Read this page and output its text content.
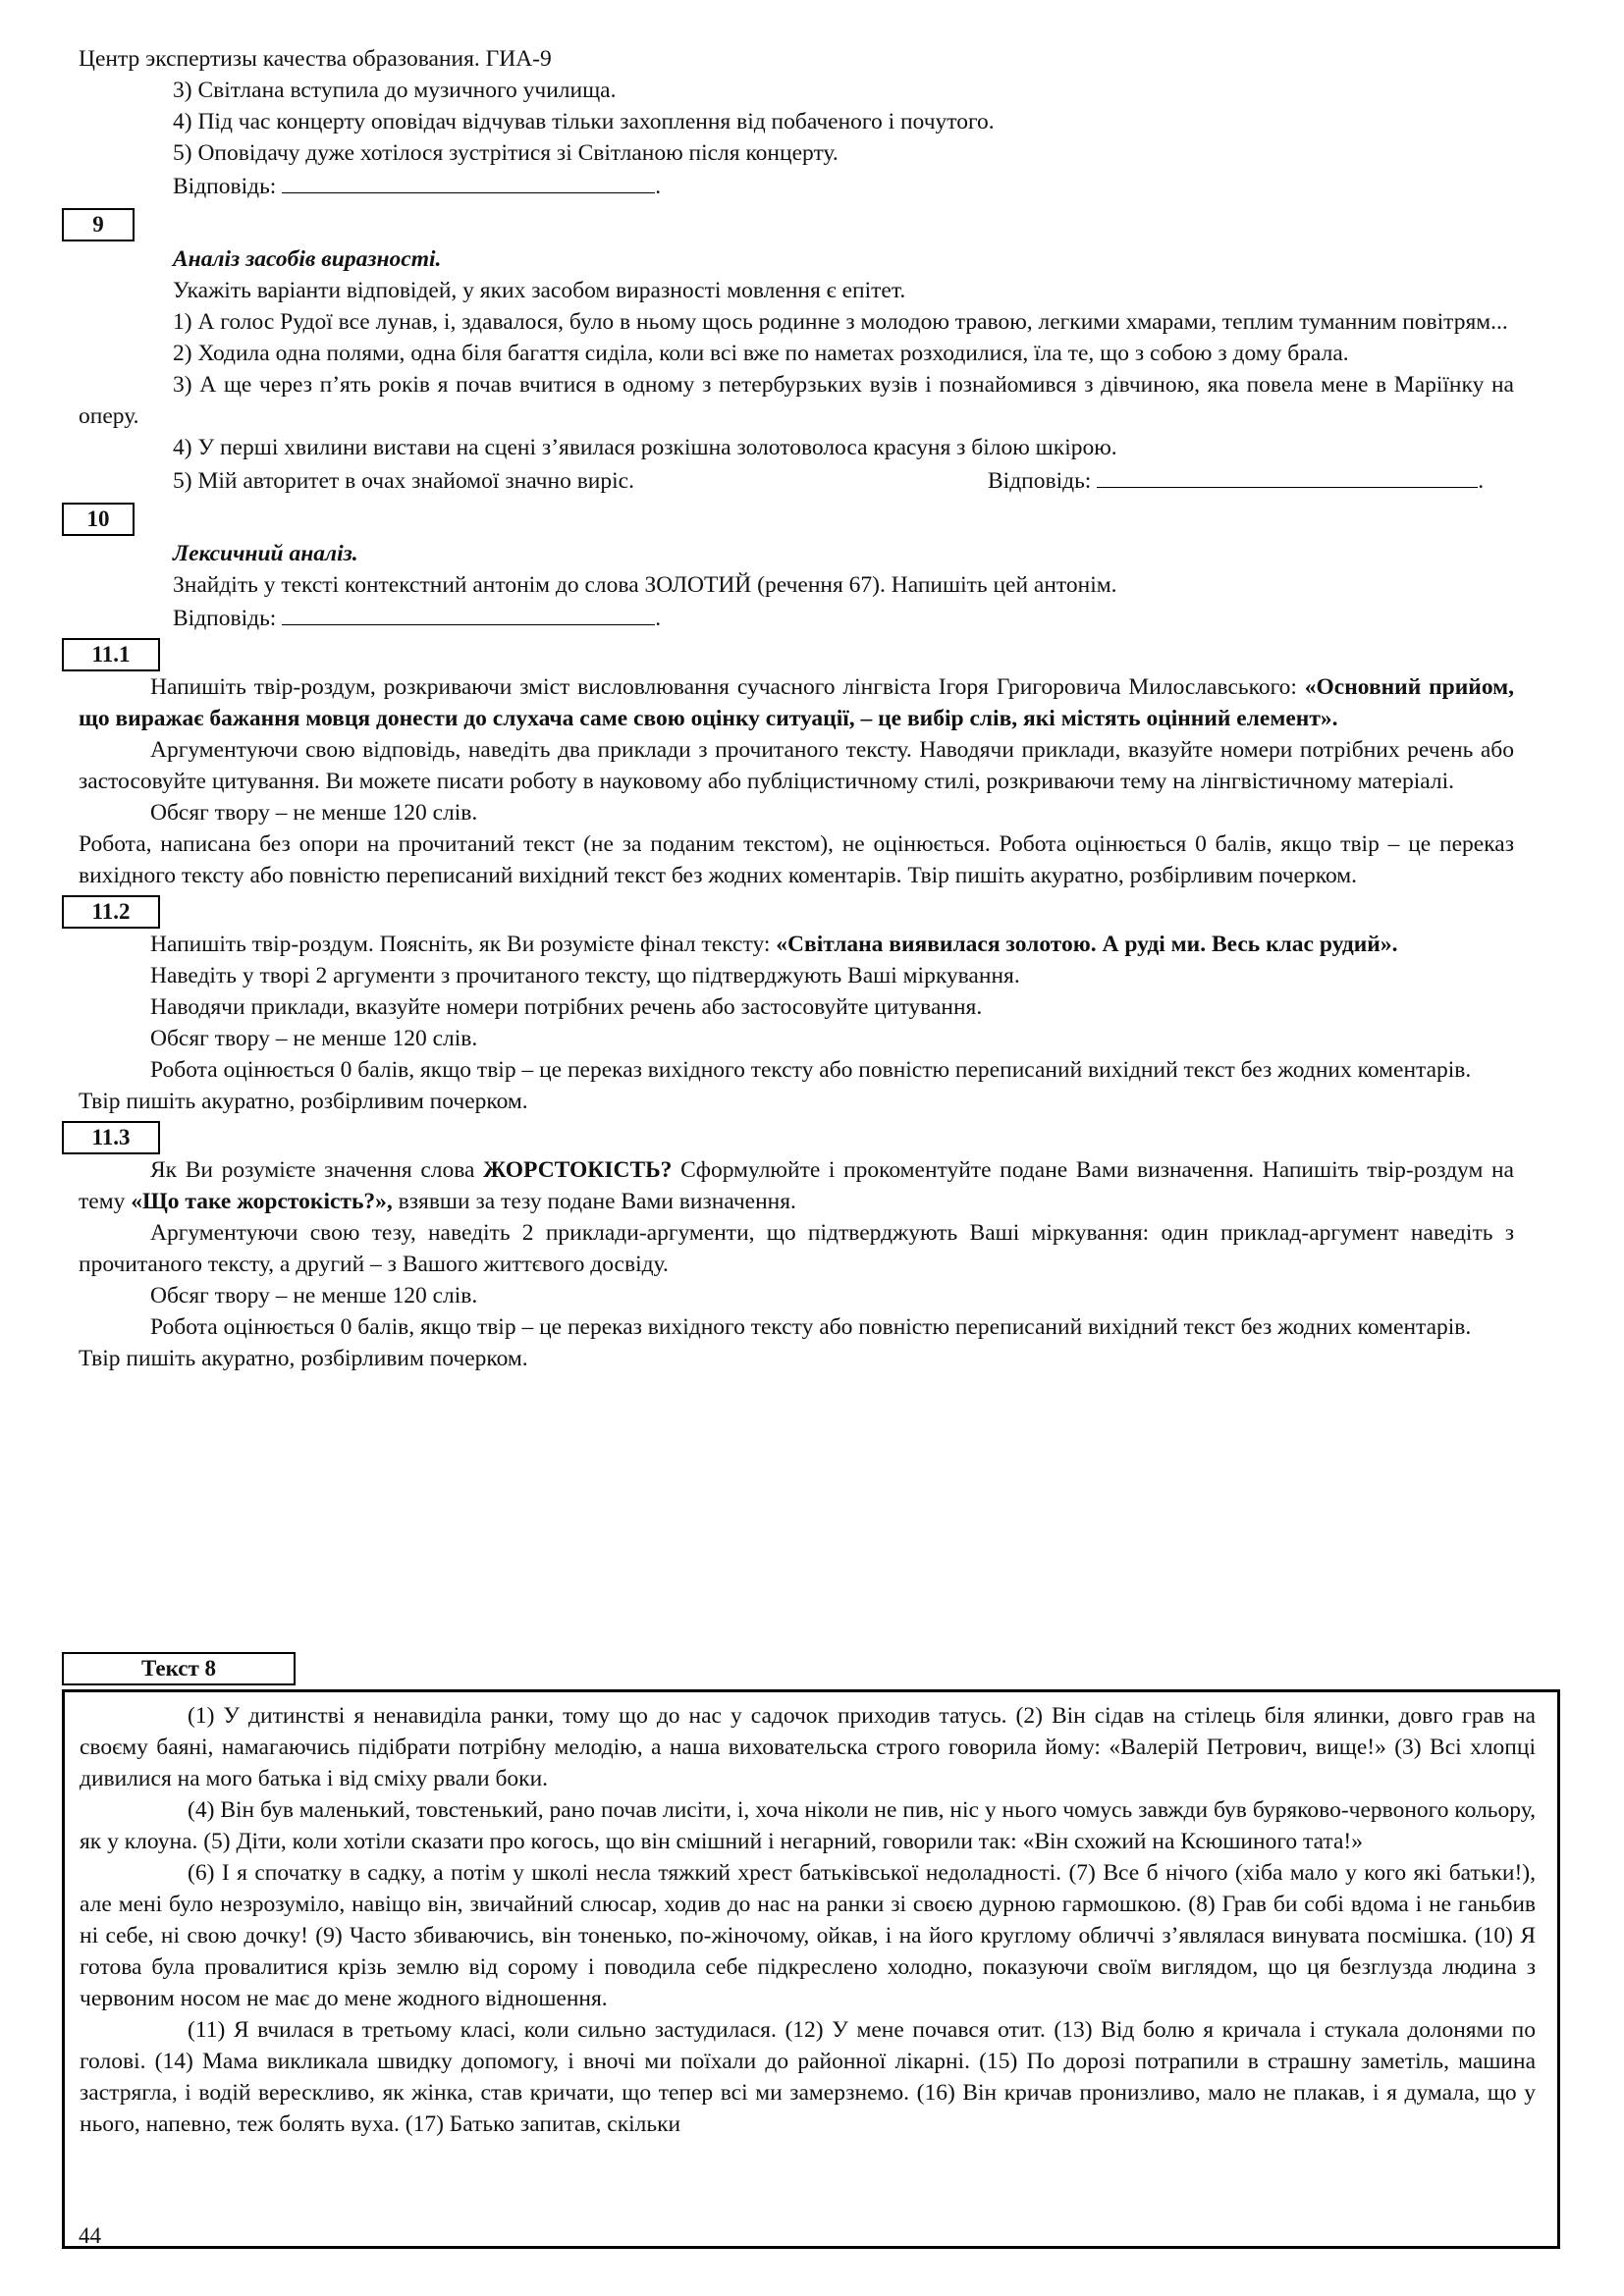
Центр экспертизы качества образования. ГИА-9
3) Світлана вступила до музичного училища.
4) Під час концерту оповідач відчував тільки захоплення від побаченого і почутого.
5) Оповідачу дуже хотілося зустрітися зі Світланою після концерту.
Відповідь:	.
9
Аналіз засобів виразності.
Укажіть варіанти відповідей, у яких засобом виразності мовлення є епітет.

1) А голос Рудої все лунав, і, здавалося, було в ньому щось родинне з молодою травою, легкими хмарами, теплим туманним повітрям...

2) Ходила одна полями, одна біля багаття сиділа, коли всі вже по наметах розходилися, їла те, що з собою з дому брала.

3) А ще через п’ять років я почав вчитися в одному з петербурзьких вузів і познайомився з дівчиною, яка повела мене в Маріїнку на оперу.

4) У перші хвилини вистави на сцені з’явилася розкішна золотоволоса красуня з білою шкірою.
5) Мій авторитет в очах знайомої значно виріс.	Відповідь:	.
10
Лексичний аналіз.
Знайдіть у тексті контекстний антонім до слова ЗОЛОТИЙ (речення 67). Напишіть цей антонім.
Відповідь:	.
11.1

Напишіть твір-роздум, розкриваючи зміст висловлювання сучасного лінгвіста Ігоря Григоровича Милославського: «Основний прийом, що виражає бажання мовця донести до слухача саме свою оцінку ситуації, – це вибір слів, які містять оцінний елемент».

Аргументуючи свою відповідь, наведіть два приклади з прочитаного тексту. Наводячи приклади, вказуйте номери потрібних речень або застосовуйте цитування. Ви можете писати роботу в науковому або публіцистичному стилі, розкриваючи тему на лінгвістичному матеріалі.

Обсяг твору – не менше 120 слів.

Робота, написана без опори на прочитаний текст (не за поданим текстом), не оцінюється. Робота оцінюється 0 балів, якщо твір – це переказ вихідного тексту або повністю переписаний вихідний текст без жодних коментарів. Твір пишіть акуратно, розбірливим почерком.

11.2

Напишіть твір-роздум. Поясніть, як Ви розумієте фінал тексту: «Світлана виявилася золотою. А руді ми. Весь клас рудий».

Наведіть у творі 2 аргументи з прочитаного тексту, що підтверджують Ваші міркування.

Наводячи приклади, вказуйте номери потрібних речень або застосовуйте цитування.

Обсяг твору – не менше 120 слів.

Робота оцінюється 0 балів, якщо твір – це переказ вихідного тексту або повністю переписаний вихідний текст без жодних коментарів.

Твір пишіть акуратно, розбірливим почерком.

11.3

Як Ви розумієте значення слова ЖОРСТОКІСТЬ? Сформулюйте і прокоментуйте подане Вами визначення. Напишіть твір-роздум на тему «Що таке жорстокість?», взявши за тезу подане Вами визначення.

Аргументуючи свою тезу, наведіть 2 приклади-аргументи, що підтверджують Ваші міркування: один приклад-аргумент наведіть з прочитаного тексту, а другий – з Вашого життєвого досвіду.

Обсяг твору – не менше 120 слів.

Робота оцінюється 0 балів, якщо твір – це переказ вихідного тексту або повністю переписаний вихідний текст без жодних коментарів.

Твір пишіть акуратно, розбірливим почерком.

Текст 8

(1) У дитинстві я ненавиділа ранки, тому що до нас у садочок приходив татусь. (2) Він сідав на стілець біля ялинки, довго грав на своєму баяні, намагаючись підібрати потрібну мелодію, а наша виховательска строго говорила йому: «Валерій Петрович, вище!» (3) Всі хлопці дивилися на мого батька і від сміху рвали боки.

(4) Він був маленький, товстенький, рано почав лисіти, і, хоча ніколи не пив, ніс у нього чомусь завжди був буряково-червоного кольору, як у клоуна. (5) Діти, коли хотіли сказати про когось, що він смішний і негарний, говорили так: «Він схожий на Ксюшиного тата!»

(6) І я спочатку в садку, а потім у школі несла тяжкий хрест батьківської недоладності. (7) Все б нічого (хіба мало у кого які батьки!), але мені було незрозуміло, навіщо він, звичайний слюсар, ходив до нас на ранки зі своєю дурною гармошкою. (8) Грав би собі вдома і не ганьбив ні себе, ні свою дочку! (9) Часто збиваючись, він тоненько, по-жіночому, ойкав, і на його круглому обличчі з’являлася винувата посмішка. (10) Я готова була провалитися крізь землю від сорому і поводила себе підкреслено холодно, показуючи своїм виглядом, що ця безглузда людина з червоним носом не має до мене жодного відношення.

(11) Я вчилася в третьому класі, коли сильно застудилася. (12) У мене почався отит. (13) Від болю я кричала і стукала долонями по голові. (14) Мама викликала швидку допомогу, і вночі ми поїхали до районної лікарні. (15) По дорозі потрапили в страшну заметіль, машина застрягла, і водій верескливо, як жінка, став кричати, що тепер всі ми замерзнемо. (16) Він кричав пронизливо, мало не плакав, і я думала, що у нього, напевно, теж болять вуха. (17) Батько запитав, скільки

44
